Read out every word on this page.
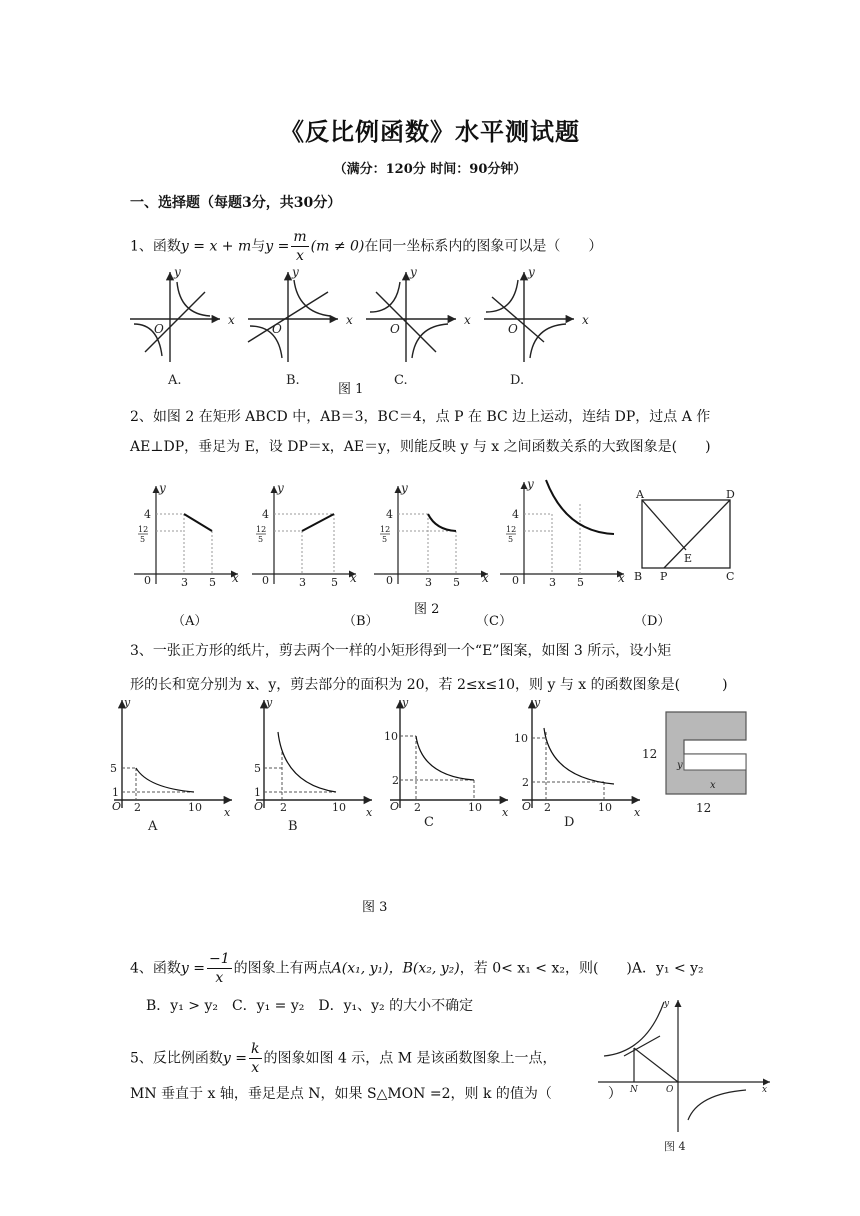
《反比例函数》水平测试题
（满分：120分 时间：90分钟）
一、选择题（每题3分，共30分）
1、函数y = x + m与$y = \frac{m}{x} (m \ne 0)$在同一坐标系内的图象可以是（　　）
x
y
O
x
y
O
x
y
O
x
y
O
A.	B.	C.	D.
图 1
2、如图 2 在矩形 ABCD 中，AB＝3，BC＝4，点 P 在 BC 边上运动，连结 DP，过点 A 作
AE⊥DP，垂足为 E，设 DP＝x，AE＝y，则能反映 y 与 x 之间函数关系的大致图象是(　　)
4
12
5
0	3 5
4
12
5
0	3 5
4
12
5
0	3 5
4
12
5
0	3 5
x
y
x
y
x
y
x
y
A	D
B P	C
E
（A）	（B）
图 2
（C）	（D）
3、一张正方形的纸片，剪去两个一样的小矩形得到一个“E”图案，如图 3 所示，设小矩
形的长和宽分别为 x、y，剪去部分的面积为 20，若 2≤x≤10，则 y 与 x 的函数图象是(　　　)
5
1
2	10
5
1
2	10
10
2
2	10
10
2
2	10
x
y
O	x
y
O	x
y
O	x
y
O
A	B	C	D
y
x
12
12
图 3
4、函数$y = \frac{-1}{x}$ 的图象上有两点A(x₁, y₁)，B(x₂, y₂)，若 0< x₁ < x₂，则(　　)A．y₁ < y₂
B．y₁ > y₂　 C．y₁ = y₂　 D．y₁、y₂ 的大小不确定
5、反比例函数$y = \frac{k}{x}$ 的图象如图 4 示，点 M 是该函数图象上一点，
MN 垂直于 x 轴，垂足是点 N，如果 S△MON =2，则 k 的值为（　　　　）
y
x
N	O
图 4
